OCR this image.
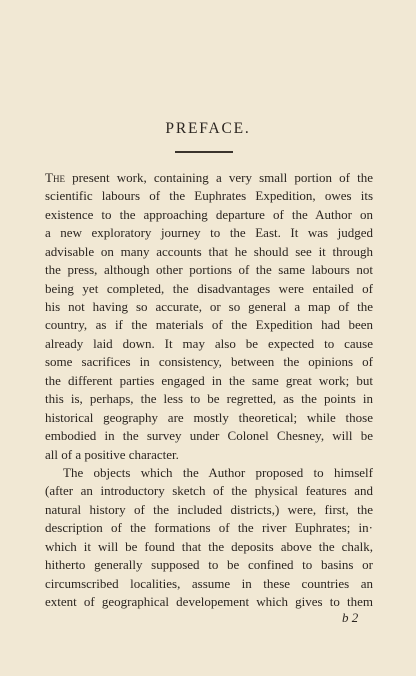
PREFACE.
The present work, containing a very small portion of the
scientific labours of the Euphrates Expedition, owes its
existence to the approaching departure of the Author on
a new exploratory journey to the East. It was judged
advisable on many accounts that he should see it through
the press, although other portions of the same labours not
being yet completed, the disadvantages were entailed of
his not having so accurate, or so general a map of the
country, as if the materials of the Expedition had been
already laid down. It may also be expected to cause
some sacrifices in consistency, between the opinions of
the different parties engaged in the same great work; but
this is, perhaps, the less to be regretted, as the points in
historical geography are mostly theoretical; while those
embodied in the survey under Colonel Chesney, will be
all of a positive character.
The objects which the Author proposed to himself
(after an introductory sketch of the physical features and
natural history of the included districts,) were, first, the
description of the formations of the river Euphrates; in·
which it will be found that the deposits above the chalk,
hitherto generally supposed to be confined to basins or
circumscribed localities, assume in these countries an
extent of geographical developement which gives to them
b 2
